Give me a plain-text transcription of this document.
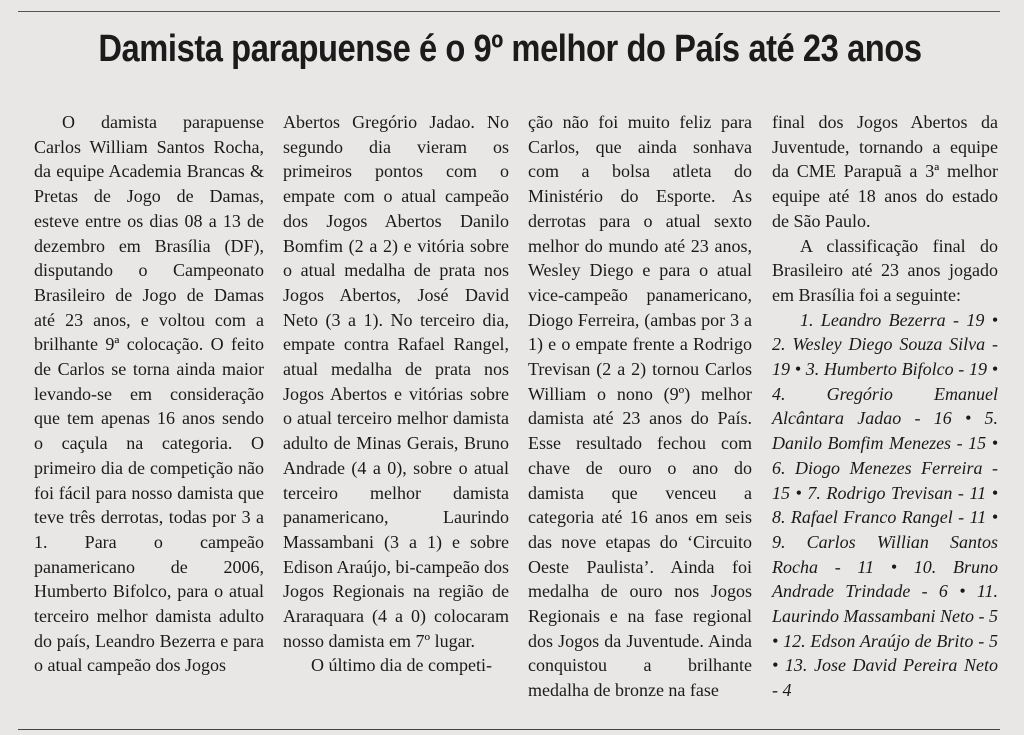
Damista parapuense é o 9º melhor do País até 23 anos

O damista parapuense Carlos William Santos Rocha, da equipe Academia Brancas & Pretas de Jogo de Damas, esteve entre os dias 08 a 13 de dezembro em Brasília (DF), disputando o Campeonato Brasileiro de Jogo de Damas até 23 anos, e voltou com a brilhante 9ª colocação. O feito de Carlos se torna ainda maior levando-se em consideração que tem apenas 16 anos sendo o caçula na categoria. O primeiro dia de competição não foi fácil para nosso damista que teve três derrotas, todas por 3 a 1. Para o campeão panamericano de 2006, Humberto Bifolco, para o atual terceiro melhor damista adulto do país, Leandro Bezerra e para o atual campeão dos Jogos

Abertos Gregório Jadao. No segundo dia vieram os primeiros pontos com o empate com o atual campeão dos Jogos Abertos Danilo Bomfim (2 a 2) e vitória sobre o atual medalha de prata nos Jogos Abertos, José David Neto (3 a 1). No terceiro dia, empate contra Rafael Rangel, atual medalha de prata nos Jogos Abertos e vitórias sobre o atual terceiro melhor damista adulto de Minas Gerais, Bruno Andrade (4 a 0), sobre o atual terceiro melhor damista panamericano, Laurindo Massambani (3 a 1) e sobre Edison Araújo, bi-campeão dos Jogos Regionais na região de Araraquara (4 a 0) colocaram nosso damista em 7º lugar.

O último dia de competi-

ção não foi muito feliz para Carlos, que ainda sonhava com a bolsa atleta do Ministério do Esporte. As derrotas para o atual sexto melhor do mundo até 23 anos, Wesley Diego e para o atual vice-campeão panamericano, Diogo Ferreira, (ambas por 3 a 1) e o empate frente a Rodrigo Trevisan (2 a 2) tornou Carlos William o nono (9º) melhor damista até 23 anos do País. Esse resultado fechou com chave de ouro o ano do damista que venceu a categoria até 16 anos em seis das nove etapas do ‘Circuito Oeste Paulista’. Ainda foi medalha de ouro nos Jogos Regionais e na fase regional dos Jogos da Juventude. Ainda conquistou a brilhante medalha de bronze na fase

final dos Jogos Abertos da Juventude, tornando a equipe da CME Parapuã a 3ª melhor equipe até 18 anos do estado de São Paulo.

A classificação final do Brasileiro até 23 anos jogado em Brasília foi a seguinte:

1. Leandro Bezerra - 19 • 2. Wesley Diego Souza Silva - 19 • 3. Humberto Bifolco - 19 • 4. Gregório Emanuel Alcântara Jadao - 16 • 5. Danilo Bomfim Menezes - 15 • 6. Diogo Menezes Ferreira - 15 • 7. Rodrigo Trevisan - 11 • 8. Rafael Franco Rangel - 11 • 9. Carlos Willian Santos Rocha - 11 • 10. Bruno Andrade Trindade - 6 • 11. Laurindo Massambani Neto - 5 • 12. Edson Araújo de Brito - 5 • 13. Jose David Pereira Neto - 4
